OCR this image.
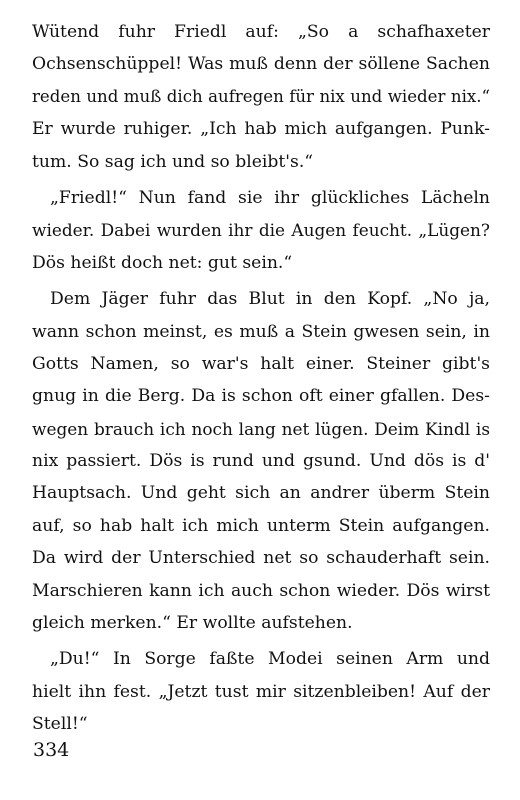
Wütend fuhr Friedl auf: „So a schafhaxeter
Ochsenschüppel! Was muß denn der söllene Sachen
reden und muß dich aufregen für nix und wieder nix.“
Er wurde ruhiger. „Ich hab mich aufgangen. Punk-
tum. So sag ich und so bleibt's.“
„Friedl!“ Nun fand sie ihr glückliches Lächeln
wieder. Dabei wurden ihr die Augen feucht. „Lügen?
Dös heißt doch net: gut sein.“
Dem Jäger fuhr das Blut in den Kopf. „No ja,
wann schon meinst, es muß a Stein gwesen sein, in
Gotts Namen, so war's halt einer. Steiner gibt's
gnug in die Berg. Da is schon oft einer gfallen. Des-
wegen brauch ich noch lang net lügen. Deim Kindl is
nix passiert. Dös is rund und gsund. Und dös is d'
Hauptsach. Und geht sich an andrer überm Stein
auf, so hab halt ich mich unterm Stein aufgangen.
Da wird der Unterschied net so schauderhaft sein.
Marschieren kann ich auch schon wieder. Dös wirst
gleich merken.“ Er wollte aufstehen.
„Du!“ In Sorge faßte Modei seinen Arm und
hielt ihn fest. „Jetzt tust mir sitzenbleiben! Auf der
Stell!“
334
